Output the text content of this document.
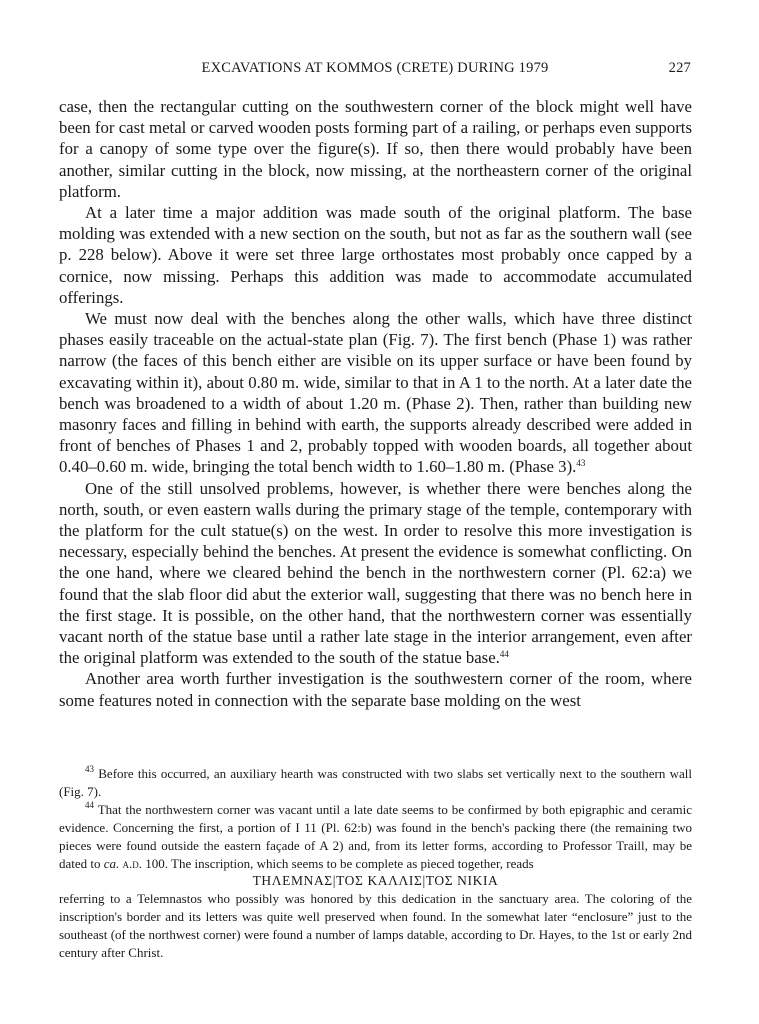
EXCAVATIONS AT KOMMOS (CRETE) DURING 1979	227

case, then the rectangular cutting on the southwestern corner of the block might well have been for cast metal or carved wooden posts forming part of a railing, or perhaps even supports for a canopy of some type over the figure(s). If so, then there would probably have been another, similar cutting in the block, now missing, at the northeastern corner of the original platform.

At a later time a major addition was made south of the original platform. The base molding was extended with a new section on the south, but not as far as the southern wall (see p. 228 below). Above it were set three large orthostates most probably once capped by a cornice, now missing. Perhaps this addition was made to accommodate accumulated offerings.

We must now deal with the benches along the other walls, which have three distinct phases easily traceable on the actual-state plan (Fig. 7). The first bench (Phase 1) was rather narrow (the faces of this bench either are visible on its upper surface or have been found by excavating within it), about 0.80 m. wide, similar to that in A 1 to the north. At a later date the bench was broadened to a width of about 1.20 m. (Phase 2). Then, rather than building new masonry faces and filling in behind with earth, the supports already described were added in front of benches of Phases 1 and 2, probably topped with wooden boards, all together about 0.40–0.60 m. wide, bringing the total bench width to 1.60–1.80 m. (Phase 3).$^{43}$

One of the still unsolved problems, however, is whether there were benches along the north, south, or even eastern walls during the primary stage of the temple, contemporary with the platform for the cult statue(s) on the west. In order to resolve this more investigation is necessary, especially behind the benches. At present the evidence is somewhat conflicting. On the one hand, where we cleared behind the bench in the northwestern corner (Pl. 62:a) we found that the slab floor did abut the exterior wall, suggesting that there was no bench here in the first stage. It is possible, on the other hand, that the northwestern corner was essentially vacant north of the statue base until a rather late stage in the interior arrangement, even after the original platform was extended to the south of the statue base.$^{44}$

Another area worth further investigation is the southwestern corner of the room, where some features noted in connection with the separate base molding on the west

$^{43}$ Before this occurred, an auxiliary hearth was constructed with two slabs set vertically next to the southern wall (Fig. 7).

$^{44}$ That the northwestern corner was vacant until a late date seems to be confirmed by both epigraphic and ceramic evidence. Concerning the first, a portion of I 11 (Pl. 62:b) was found in the bench's packing there (the remaining two pieces were found outside the eastern façade of A 2) and, from its letter forms, according to Professor Traill, may be dated to ca. a.d. 100. The inscription, which seems to be complete as pieced together, reads

ΤΗΛΕΜΝΑΣ|ΤΟΣ ΚΑΛΛΙΣ|ΤΟΣ ΝΙΚΙΑ

referring to a Telemnastos who possibly was honored by this dedication in the sanctuary area. The coloring of the inscription's border and its letters was quite well preserved when found. In the somewhat later “enclosure” just to the southeast (of the northwest corner) were found a number of lamps datable, according to Dr. Hayes, to the 1st or early 2nd century after Christ.
